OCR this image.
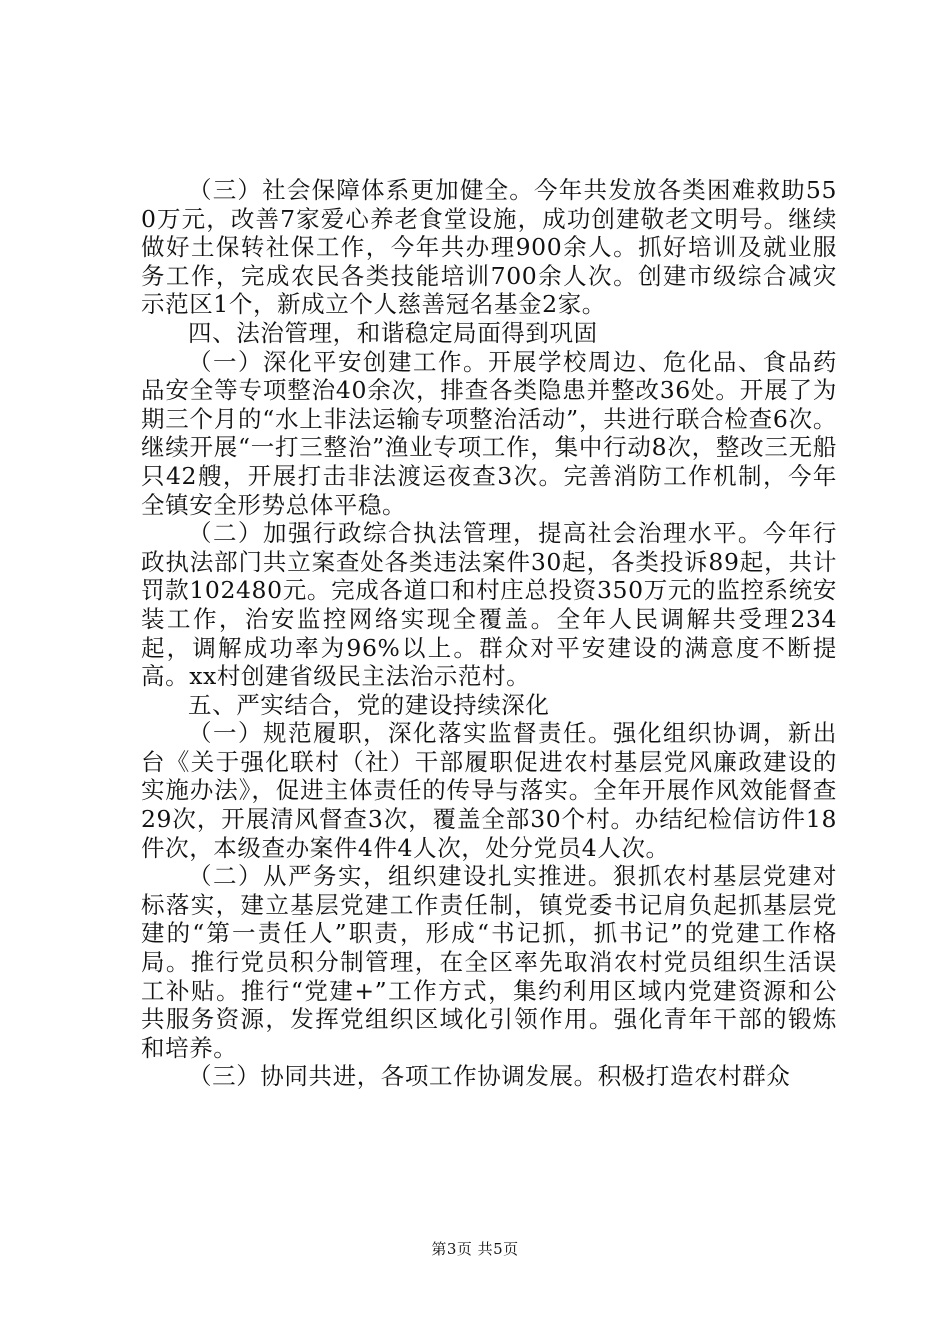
（三）社会保障体系更加健全。今年共发放各类困难救助550万元，改善7家爱心养老食堂设施，成功创建敬老文明号。继续做好土保转社保工作，今年共办理900余人。抓好培训及就业服务工作，完成农民各类技能培训700余人次。创建市级综合减灾示范区1个，新成立个人慈善冠名基金2家。

四、法治管理，和谐稳定局面得到巩固

（一）深化平安创建工作。开展学校周边、危化品、食品药品安全等专项整治40余次，排查各类隐患并整改36处。开展了为期三个月的“水上非法运输专项整治活动”，共进行联合检查6次。继续开展“一打三整治”渔业专项工作，集中行动8次，整改三无船只42艘，开展打击非法渡运夜查3次。完善消防工作机制，今年全镇安全形势总体平稳。

（二）加强行政综合执法管理，提高社会治理水平。今年行政执法部门共立案查处各类违法案件30起，各类投诉89起，共计罚款102480元。完成各道口和村庄总投资350万元的监控系统安装工作，治安监控网络实现全覆盖。全年人民调解共受理234起，调解成功率为96%以上。群众对平安建设的满意度不断提高。xx村创建省级民主法治示范村。

五、严实结合，党的建设持续深化

（一）规范履职，深化落实监督责任。强化组织协调，新出台《关于强化联村（社）干部履职促进农村基层党风廉政建设的实施办法》，促进主体责任的传导与落实。全年开展作风效能督查29次，开展清风督查3次，覆盖全部30个村。办结纪检信访件18件次，本级查办案件4件4人次，处分党员4人次。

（二）从严务实，组织建设扎实推进。狠抓农村基层党建对标落实，建立基层党建工作责任制，镇党委书记肩负起抓基层党建的“第一责任人”职责，形成“书记抓，抓书记”的党建工作格局。推行党员积分制管理，在全区率先取消农村党员组织生活误工补贴。推行“党建+”工作方式，集约利用区域内党建资源和公共服务资源，发挥党组织区域化引领作用。强化青年干部的锻炼和培养。

（三）协同共进，各项工作协调发展。积极打造农村群众

第3页 共5页
